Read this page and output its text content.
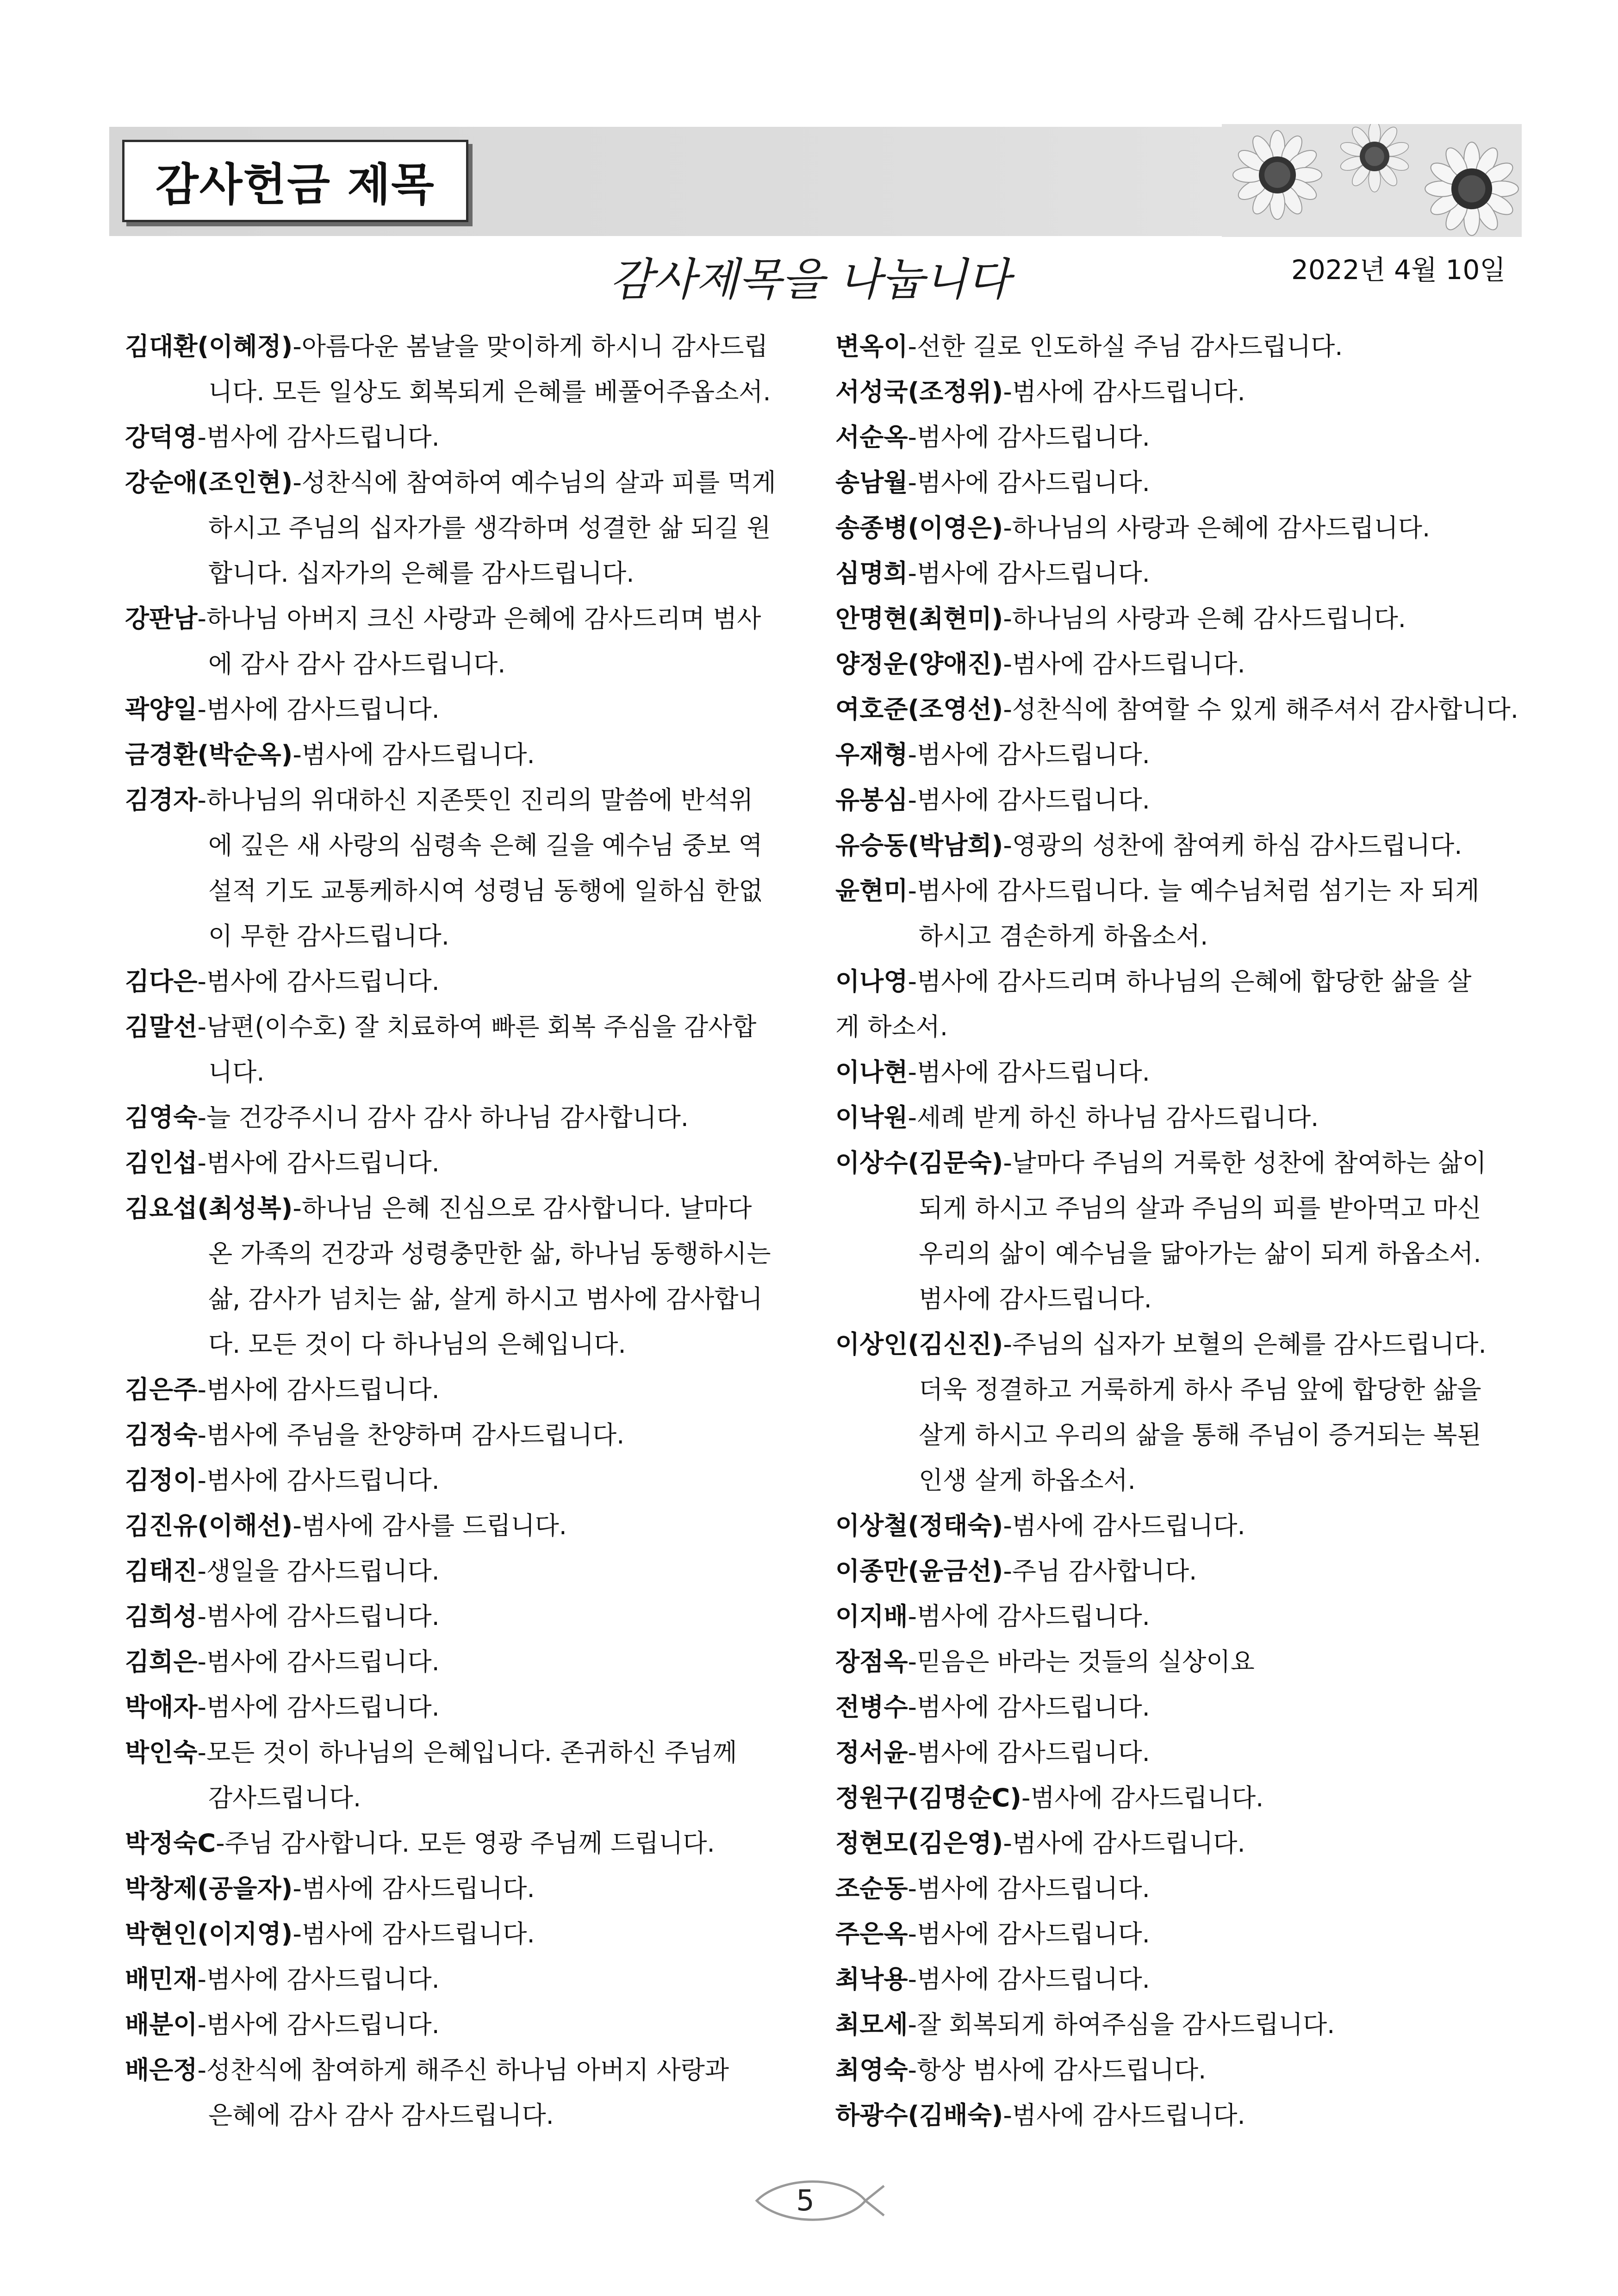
감사헌금 제목
감사제목을 나눕니다	2022년 4월 10일
김대환(이혜정)-아름다운 봄날을 맞이하게 하시니 감사드립
니다. 모든 일상도 회복되게 은혜를 베풀어주옵소서.
강덕영-범사에 감사드립니다.
강순애(조인현)-성찬식에 참여하여 예수님의 살과 피를 먹게
하시고 주님의 십자가를 생각하며 성결한 삶 되길 원
합니다. 십자가의 은혜를 감사드립니다.
강판남-하나님 아버지 크신 사랑과 은혜에 감사드리며 범사
에 감사 감사 감사드립니다.
곽양일-범사에 감사드립니다.
금경환(박순옥)-범사에 감사드립니다.
김경자-하나님의 위대하신 지존뜻인 진리의 말씀에 반석위
에 깊은 새 사랑의 심령속 은혜 길을 예수님 중보 역
설적 기도 교통케하시여 성령님 동행에 일하심 한없
이 무한 감사드립니다.
김다은-범사에 감사드립니다.
김말선-남편(이수호) 잘 치료하여 빠른 회복 주심을 감사합
니다.
김영숙-늘 건강주시니 감사 감사 하나님 감사합니다.
김인섭-범사에 감사드립니다.
김요섭(최성복)-하나님 은혜 진심으로 감사합니다. 날마다
온 가족의 건강과 성령충만한 삶, 하나님 동행하시는
삶, 감사가 넘치는 삶, 살게 하시고 범사에 감사합니
다. 모든 것이 다 하나님의 은혜입니다.
김은주-범사에 감사드립니다.
김정숙-범사에 주님을 찬양하며 감사드립니다.
김정이-범사에 감사드립니다.
김진유(이해선)-범사에 감사를 드립니다.
김태진-생일을 감사드립니다.
김희성-범사에 감사드립니다.
김희은-범사에 감사드립니다.
박애자-범사에 감사드립니다.
박인숙-모든 것이 하나님의 은혜입니다. 존귀하신 주님께
감사드립니다.
박정숙C-주님 감사합니다. 모든 영광 주님께 드립니다.
박창제(공을자)-범사에 감사드립니다.
박현인(이지영)-범사에 감사드립니다.
배민재-범사에 감사드립니다.
배분이-범사에 감사드립니다.
배은정-성찬식에 참여하게 해주신 하나님 아버지 사랑과
은혜에 감사 감사 감사드립니다.
변옥이-선한 길로 인도하실 주님 감사드립니다.
서성국(조정위)-범사에 감사드립니다.
서순옥-범사에 감사드립니다.
송남월-범사에 감사드립니다.
송종병(이영은)-하나님의 사랑과 은혜에 감사드립니다.
심명희-범사에 감사드립니다.
안명현(최현미)-하나님의 사랑과 은혜 감사드립니다.
양정운(양애진)-범사에 감사드립니다.
여호준(조영선)-성찬식에 참여할 수 있게 해주셔서 감사합니다.
우재형-범사에 감사드립니다.
유봉심-범사에 감사드립니다.
유승동(박남희)-영광의 성찬에 참여케 하심 감사드립니다.
윤현미-범사에 감사드립니다. 늘 예수님처럼 섬기는 자 되게
하시고 겸손하게 하옵소서.
이나영-범사에 감사드리며 하나님의 은혜에 합당한 삶을 살
게 하소서.
이나현-범사에 감사드립니다.
이낙원-세례 받게 하신 하나님 감사드립니다.
이상수(김문숙)-날마다 주님의 거룩한 성찬에 참여하는 삶이
되게 하시고 주님의 살과 주님의 피를 받아먹고 마신
우리의 삶이 예수님을 닮아가는 삶이 되게 하옵소서.
범사에 감사드립니다.
이상인(김신진)-주님의 십자가 보혈의 은혜를 감사드립니다.
더욱 정결하고 거룩하게 하사 주님 앞에 합당한 삶을
살게 하시고 우리의 삶을 통해 주님이 증거되는 복된
인생 살게 하옵소서.
이상철(정태숙)-범사에 감사드립니다.
이종만(윤금선)-주님 감사합니다.
이지배-범사에 감사드립니다.
장점옥-믿음은 바라는 것들의 실상이요
전병수-범사에 감사드립니다.
정서윤-범사에 감사드립니다.
정원구(김명순C)-범사에 감사드립니다.
정현모(김은영)-범사에 감사드립니다.
조순동-범사에 감사드립니다.
주은옥-범사에 감사드립니다.
최낙용-범사에 감사드립니다.
최모세-잘 회복되게 하여주심을 감사드립니다.
최영숙-항상 범사에 감사드립니다.
하광수(김배숙)-범사에 감사드립니다.
5
